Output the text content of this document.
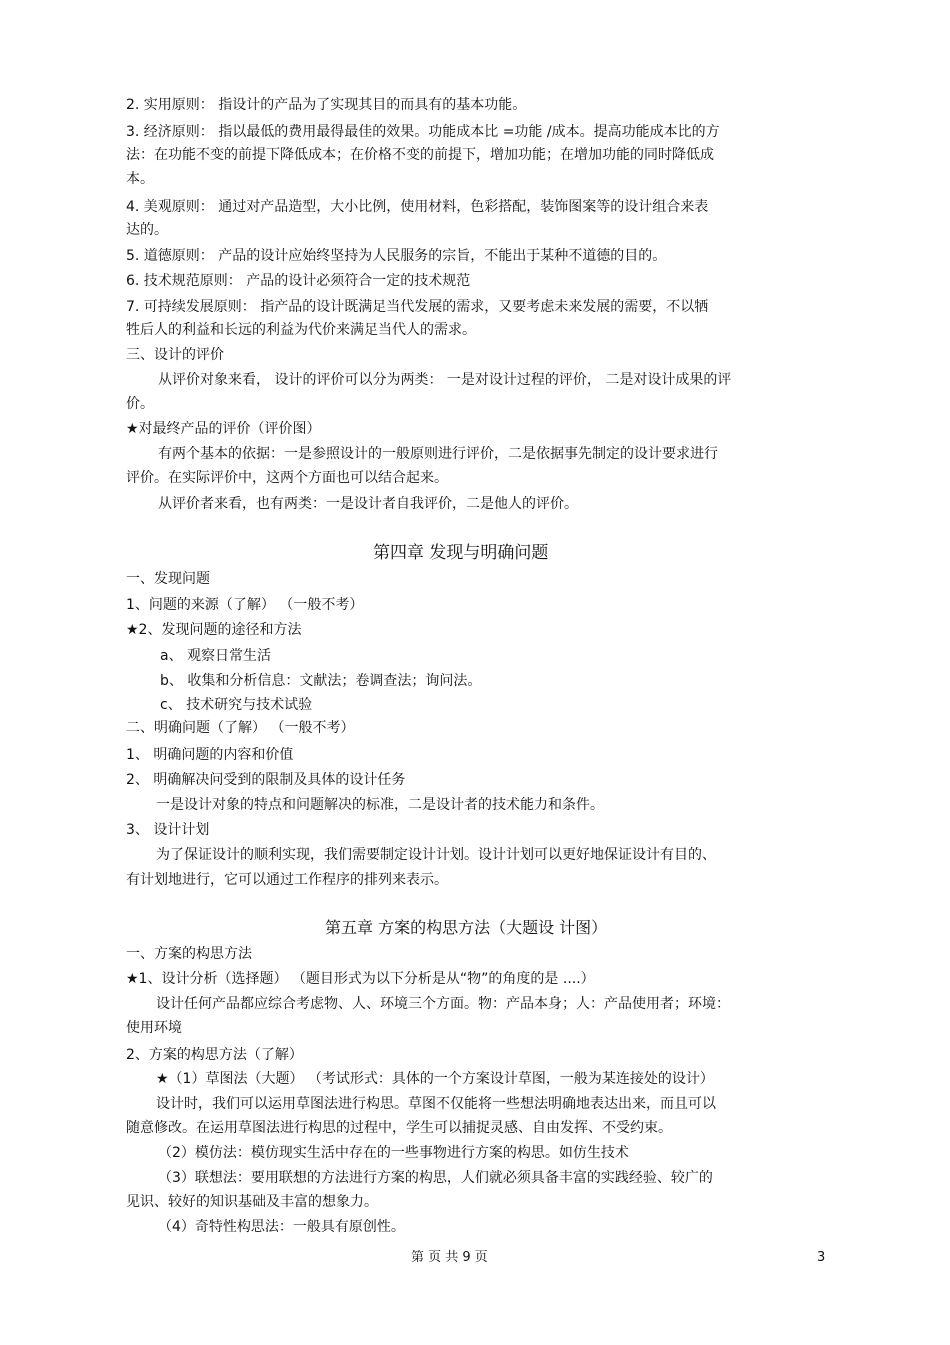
2. 实用原则： 指设计的产品为了实现其目的而具有的基本功能。
3. 经济原则： 指以最低的费用最得最佳的效果。功能成本比 =功能 /成本。提高功能成本比的方
法：在功能不变的前提下降低成本；在价格不变的前提下，增加功能；在增加功能的同时降低成
本。
4. 美观原则： 通过对产品造型，大小比例，使用材料，色彩搭配，装饰图案等的设计组合来表
达的。
5. 道德原则： 产品的设计应始终坚持为人民服务的宗旨，不能出于某种不道德的目的。
6. 技术规范原则： 产品的设计必须符合一定的技术规范
7. 可持续发展原则： 指产品的设计既满足当代发展的需求，又要考虑未来发展的需要，不以牺
牲后人的利益和长远的利益为代价来满足当代人的需求。
三、设计的评价
从评价对象来看， 设计的评价可以分为两类： 一是对设计过程的评价， 二是对设计成果的评
价。
★对最终产品的评价（评价图）
有两个基本的依据：一是参照设计的一般原则进行评价，二是依据事先制定的设计要求进行
评价。在实际评价中，这两个方面也可以结合起来。
从评价者来看，也有两类：一是设计者自我评价，二是他人的评价。
第四章 发现与明确问题
一、发现问题
1、问题的来源（了解） （一般不考）
★2、发现问题的途径和方法
a、 观察日常生活
b、 收集和分析信息：文献法；卷调查法；询问法。
c、 技术研究与技术试验
二、明确问题（了解） （一般不考）
1、 明确问题的内容和价值
2、 明确解决问受到的限制及具体的设计任务
一是设计对象的特点和问题解决的标准，二是设计者的技术能力和条件。
3、 设计计划
为了保证设计的顺利实现，我们需要制定设计计划。设计计划可以更好地保证设计有目的、
有计划地进行，它可以通过工作程序的排列来表示。
第五章 方案的构思方法（大题设 计图）
一、方案的构思方法
★1、设计分析（选择题） （题目形式为以下分析是从“物”的角度的是 ....）
设计任何产品都应综合考虑物、人、环境三个方面。物：产品本身；人：产品使用者；环境：
使用环境
2、方案的构思方法（了解）
★（1）草图法（大题） （考试形式：具体的一个方案设计草图，一般为某连接处的设计）
设计时，我们可以运用草图法进行构思。草图不仅能将一些想法明确地表达出来，而且可以
随意修改。在运用草图法进行构思的过程中，学生可以捕捉灵感、自由发挥、不受约束。
（2）模仿法：模仿现实生活中存在的一些事物进行方案的构思。如仿生技术
（3）联想法：要用联想的方法进行方案的构思，人们就必须具备丰富的实践经验、较广的
见识、较好的知识基础及丰富的想象力。
（4）奇特性构思法：一般具有原创性。
第 页 共 9 页	3
